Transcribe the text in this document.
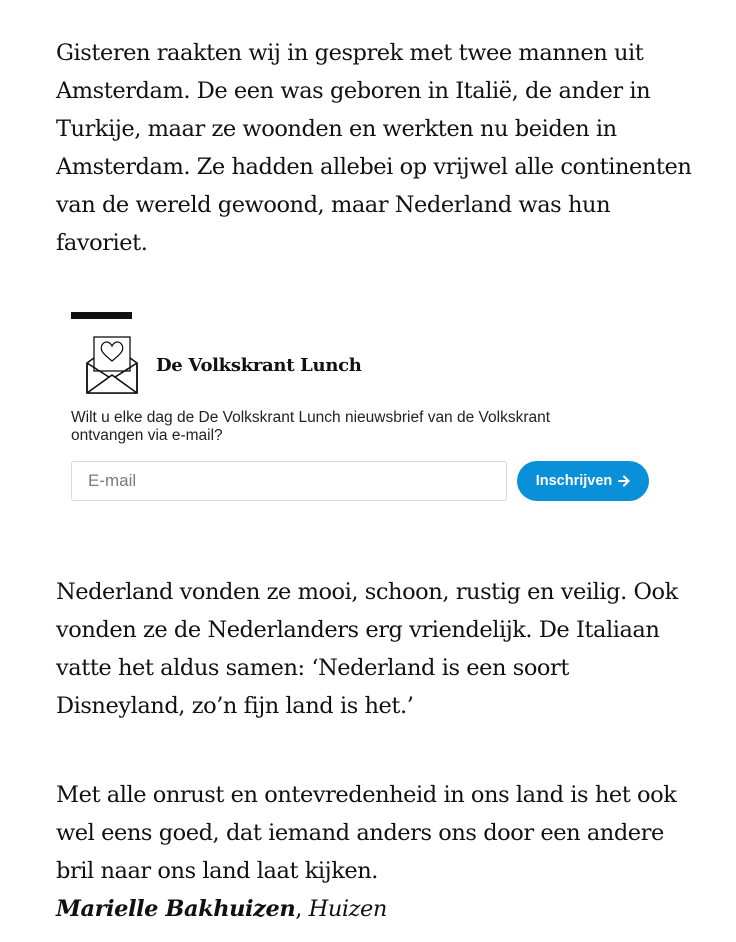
Gisteren raakten wij in gesprek met twee mannen uit Amsterdam. De een was geboren in Italië, de ander in Turkije, maar ze woonden en werkten nu beiden in Amsterdam. Ze hadden allebei op vrijwel alle continenten van de wereld gewoond, maar Nederland was hun favoriet.

De Volkskrant Lunch

Wilt u elke dag de De Volkskrant Lunch nieuwsbrief van de Volkskrant ontvangen via e-mail?

E-mail
Inschrijven

Nederland vonden ze mooi, schoon, rustig en veilig. Ook vonden ze de Nederlanders erg vriendelijk. De Italiaan vatte het aldus samen: ‘Nederland is een soort Disneyland, zo’n fijn land is het.’

Met alle onrust en ontevredenheid in ons land is het ook wel eens goed, dat iemand anders ons door een andere bril naar ons land laat kijken.
Marielle Bakhuizen, Huizen
